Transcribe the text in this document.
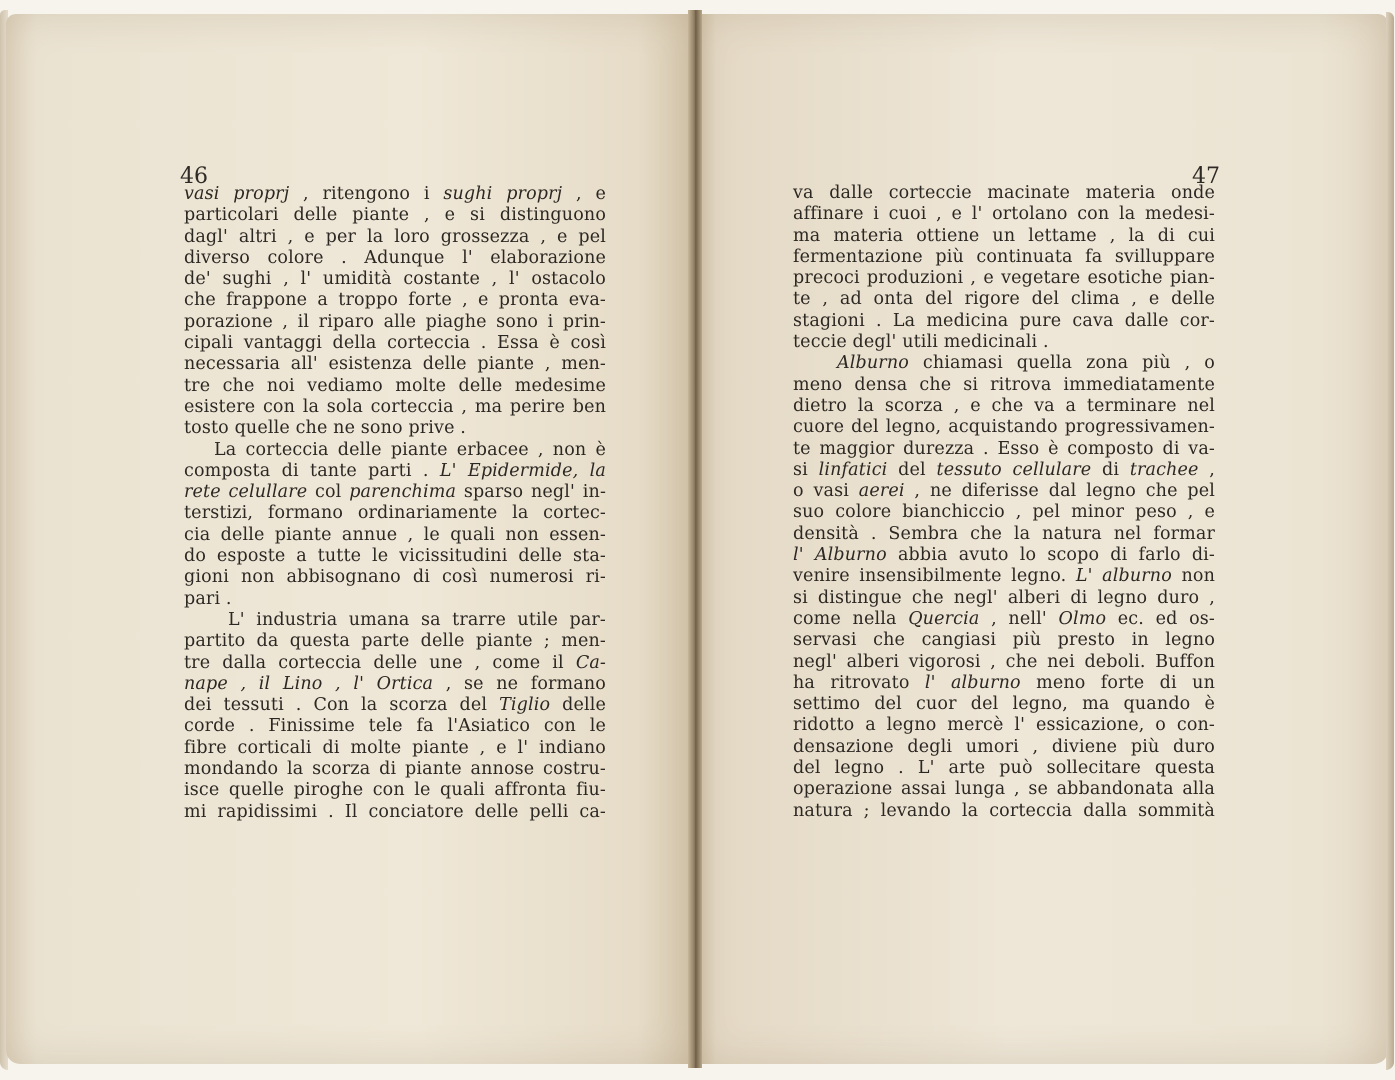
46
vasi proprj , ritengono i sughi proprj , e
particolari delle piante , e si distinguono
dagl' altri , e per la loro grossezza , e pel
diverso colore . Adunque l' elaborazione
de' sughi , l' umidità costante , l' ostacolo
che frappone a troppo forte , e pronta eva-
porazione , il riparo alle piaghe sono i prin-
cipali vantaggi della corteccia . Essa è così
necessaria all' esistenza delle piante , men-
tre che noi vediamo molte delle medesime
esistere con la sola corteccia , ma perire ben
tosto quelle che ne sono prive .
La corteccia delle piante erbacee , non è
composta di tante parti . L' Epidermide, la
rete celullare col parenchima sparso negl' in-
terstizi, formano ordinariamente la cortec-
cia delle piante annue , le quali non essen-
do esposte a tutte le vicissitudini delle sta-
gioni non abbisognano di così numerosi ri-
pari .
L' industria umana sa trarre utile par-
partito da questa parte delle piante ; men-
tre dalla corteccia delle une , come il Ca-
nape , il Lino , l' Ortica , se ne formano
dei tessuti . Con la scorza del Tiglio delle
corde . Finissime tele fa l'Asiatico con le
fibre corticali di molte piante , e l' indiano
mondando la scorza di piante annose costru-
isce quelle piroghe con le quali affronta fiu-
mi rapidissimi . Il conciatore delle pelli ca-
47
va dalle corteccie macinate materia onde
affinare i cuoi , e l' ortolano con la medesi-
ma materia ottiene un lettame , la di cui
fermentazione più continuata fa svilluppare
precoci produzioni , e vegetare esotiche pian-
te , ad onta del rigore del clima , e delle
stagioni . La medicina pure cava dalle cor-
teccie degl' utili medicinali .
Alburno chiamasi quella zona più , o
meno densa che si ritrova immediatamente
dietro la scorza , e che va a terminare nel
cuore del legno, acquistando progressivamen-
te maggior durezza . Esso è composto di va-
si linfatici del tessuto cellulare di trachee ,
o vasi aerei , ne diferisse dal legno che pel
suo colore bianchiccio , pel minor peso , e
densità . Sembra che la natura nel formar
l' Alburno abbia avuto lo scopo di farlo di-
venire insensibilmente legno. L' alburno non
si distingue che negl' alberi di legno duro ,
come nella Quercia , nell' Olmo ec. ed os-
servasi che cangiasi più presto in legno
negl' alberi vigorosi , che nei deboli. Buffon
ha ritrovato l' alburno meno forte di un
settimo del cuor del legno, ma quando è
ridotto a legno mercè l' essicazione, o con-
densazione degli umori , diviene più duro
del legno . L' arte può sollecitare questa
operazione assai lunga , se abbandonata alla
natura ; levando la corteccia dalla sommità
